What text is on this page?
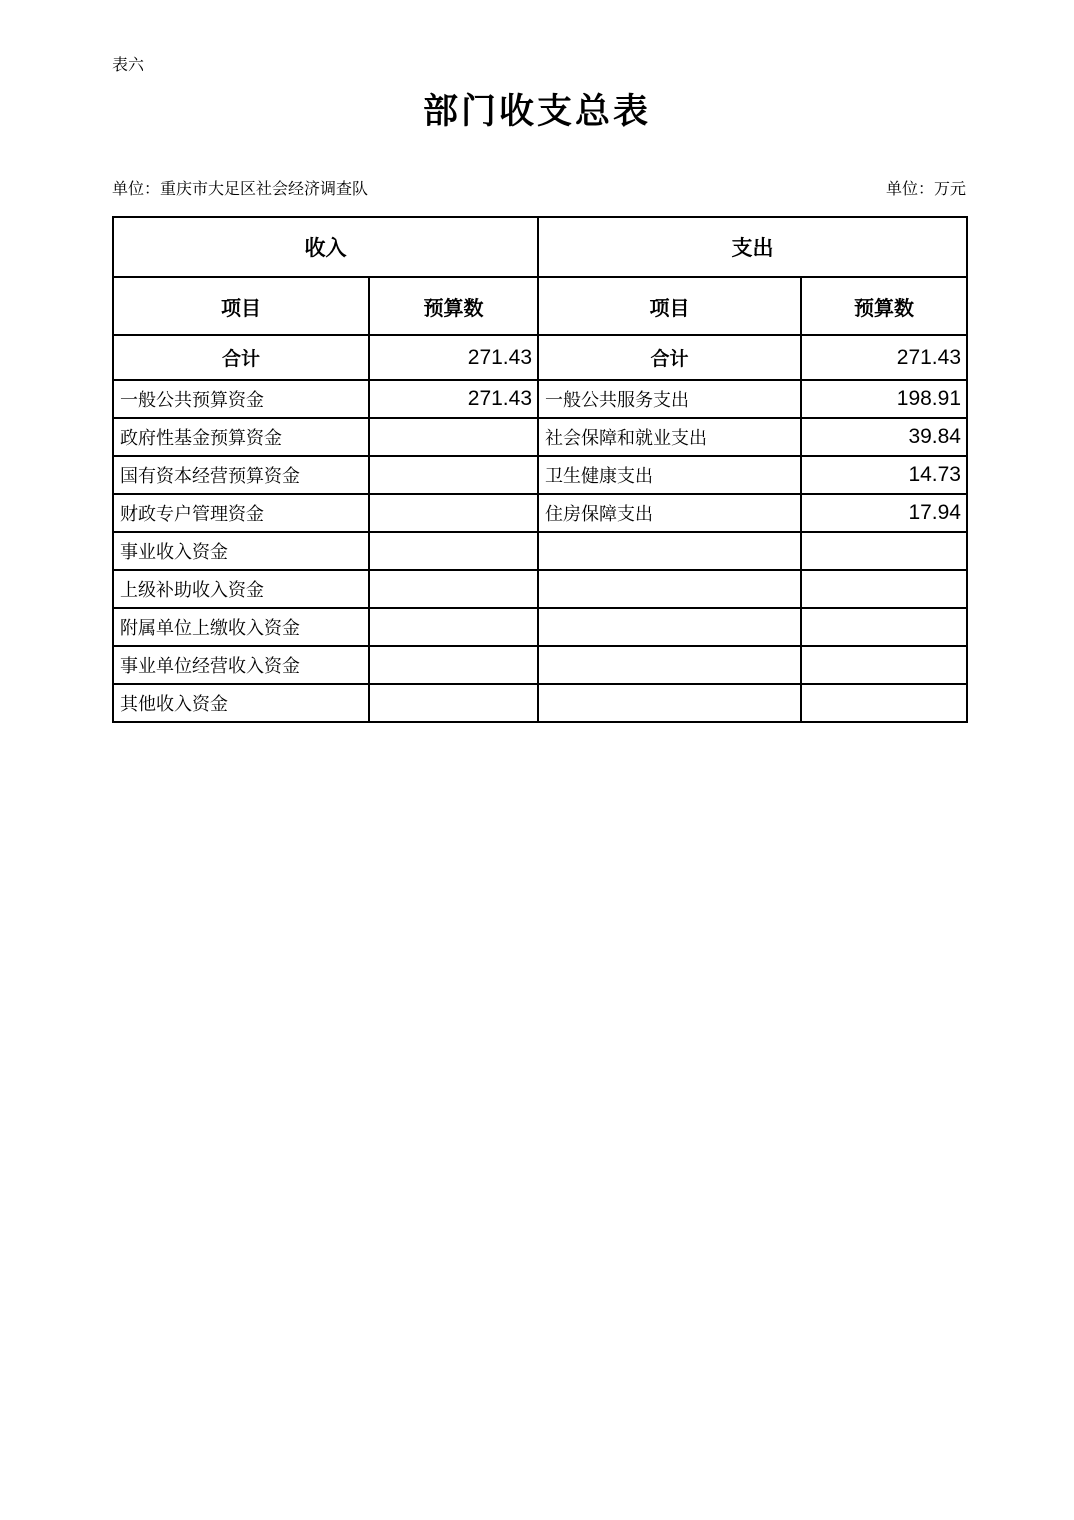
表六
部门收支总表
单位：重庆市大足区社会经济调查队	单位：万元
收入		支出	
项目	预算数	项目	预算数
合计	271.43	合计	271.43
一般公共预算资金	271.43	一般公共服务支出	198.91
政府性基金预算资金		社会保障和就业支出	39.84
国有资本经营预算资金		卫生健康支出	14.73
财政专户管理资金		住房保障支出	17.94
事业收入资金			
上级补助收入资金			
附属单位上缴收入资金			
事业单位经营收入资金			
其他收入资金			
